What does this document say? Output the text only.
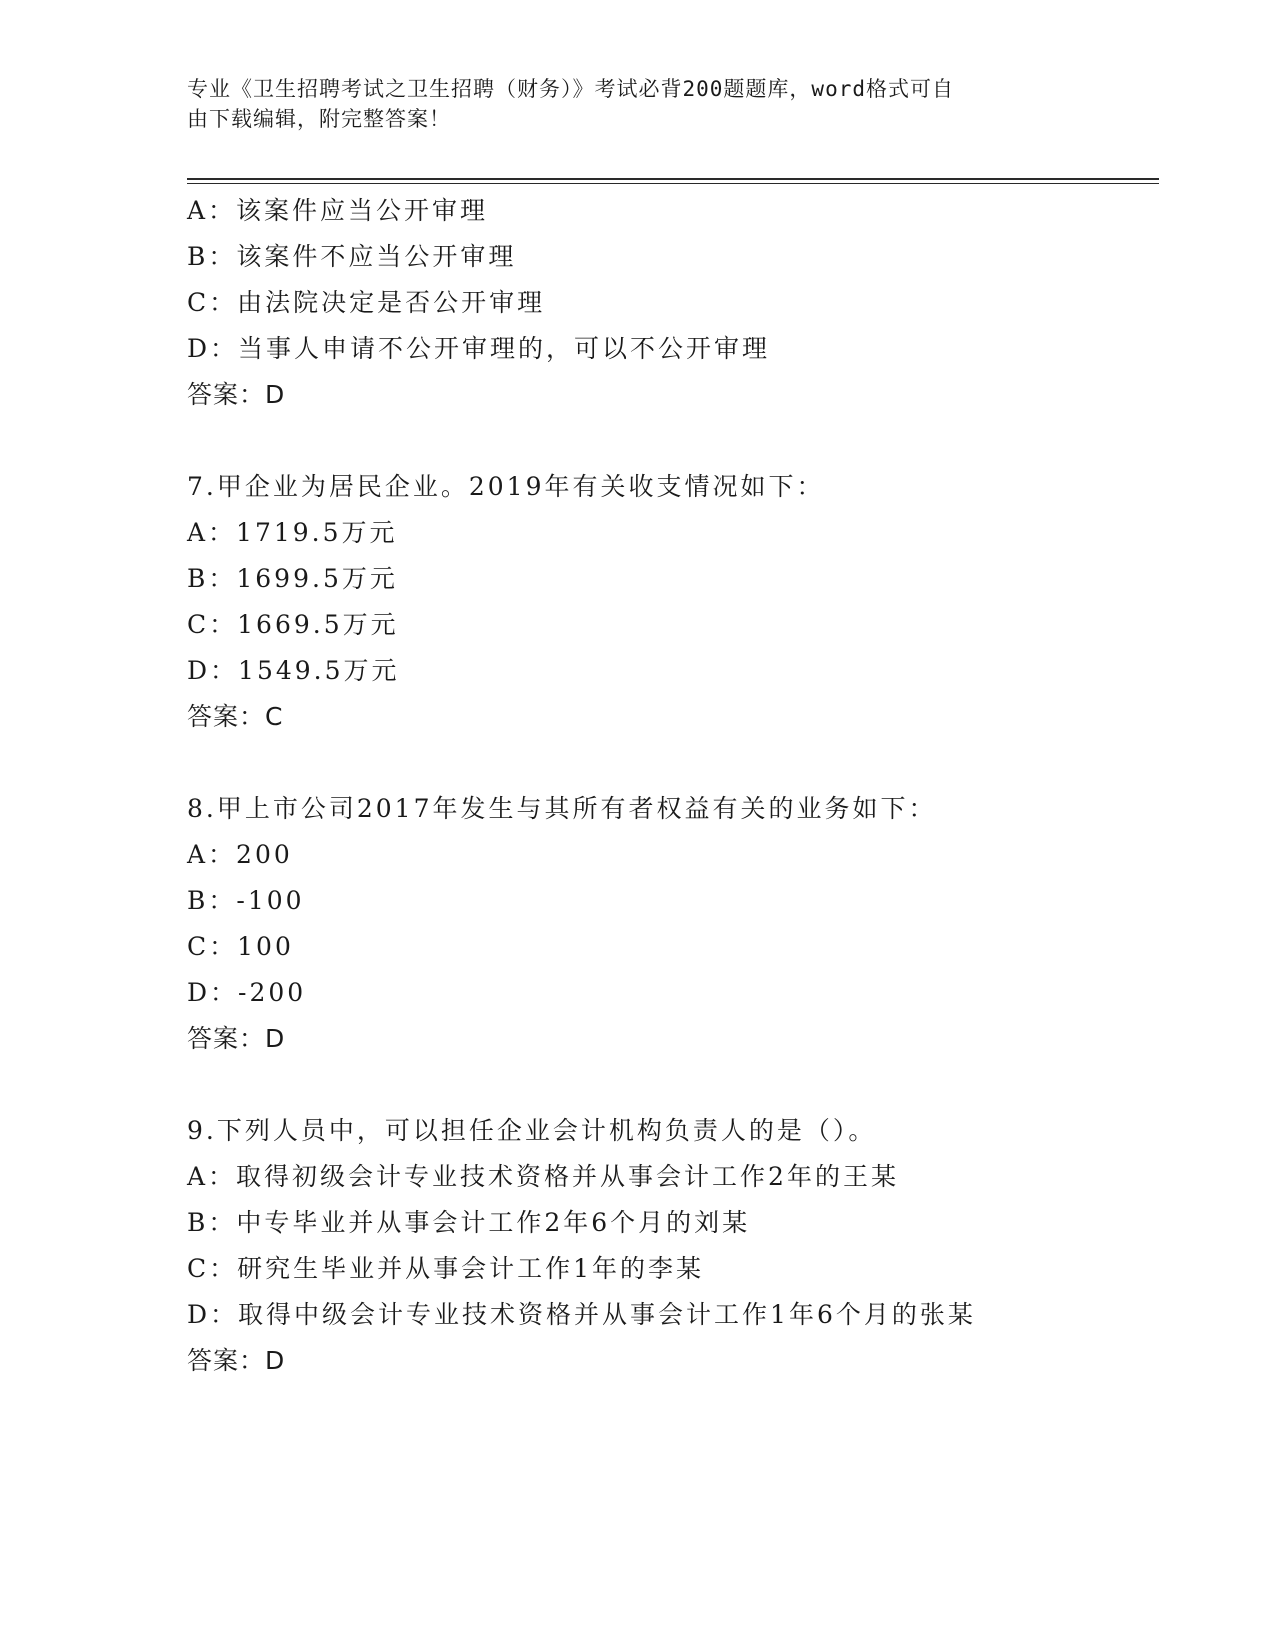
专业《卫生招聘考试之卫生招聘（财务）》考试必背200题题库，word格式可自
由下载编辑，附完整答案！
A：该案件应当公开审理
B：该案件不应当公开审理
C：由法院决定是否公开审理
D：当事人申请不公开审理的，可以不公开审理
答案：D
7.甲企业为居民企业。2019年有关收支情况如下：
A：1719.5万元
B：1699.5万元
C：1669.5万元
D：1549.5万元
答案：C
8.甲上市公司2017年发生与其所有者权益有关的业务如下：
A：200
B：-100
C：100
D：-200
答案：D
9.下列人员中，可以担任企业会计机构负责人的是（）。
A：取得初级会计专业技术资格并从事会计工作2年的王某
B：中专毕业并从事会计工作2年6个月的刘某
C：研究生毕业并从事会计工作1年的李某
D：取得中级会计专业技术资格并从事会计工作1年6个月的张某
答案：D
